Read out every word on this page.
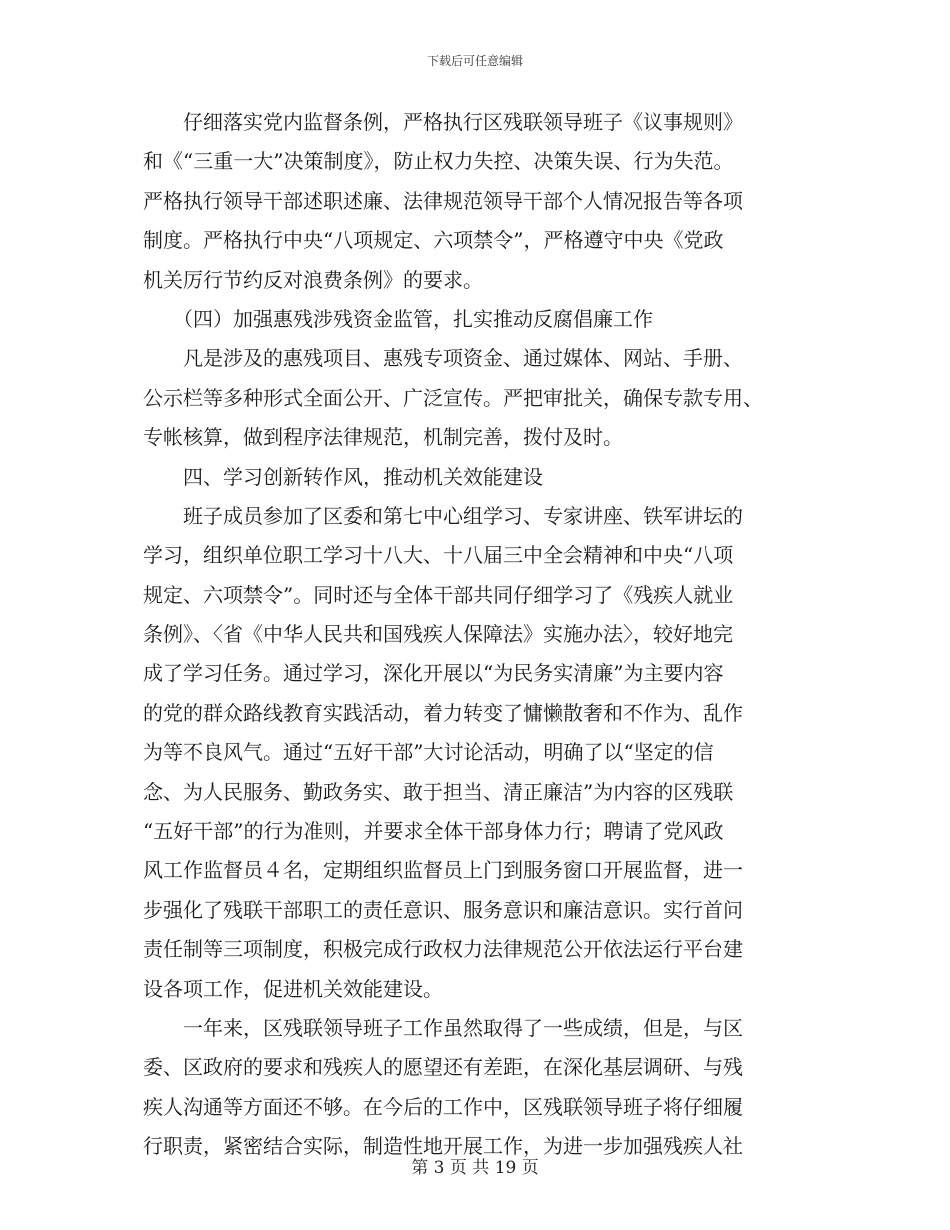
下载后可任意编辑
　　仔细落实党内监督条例，严格执行区残联领导班子《议事规则》
和《“三重一大”决策制度》，防止权力失控、决策失误、行为失范。
严格执行领导干部述职述廉、法律规范领导干部个人情况报告等各项
制度。严格执行中央“八项规定、六项禁令”，严格遵守中央《党政
机关厉行节约反对浪费条例》的要求。
　　（四）加强惠残涉残资金监管，扎实推动反腐倡廉工作
　　凡是涉及的惠残项目、惠残专项资金、通过媒体、网站、手册、
公示栏等多种形式全面公开、广泛宣传。严把审批关，确保专款专用、
专帐核算，做到程序法律规范，机制完善，拨付及时。
　　四、学习创新转作风，推动机关效能建设
　　班子成员参加了区委和第七中心组学习、专家讲座、铁军讲坛的
学习，组织单位职工学习十八大、十八届三中全会精神和中央“八项
规定、六项禁令”。同时还与全体干部共同仔细学习了《残疾人就业
条例》、〈省《中华人民共和国残疾人保障法》实施办法〉，较好地完
成了学习任务。通过学习，深化开展以“为民务实清廉”为主要内容
的党的群众路线教育实践活动，着力转变了慵懒散奢和不作为、乱作
为等不良风气。通过“五好干部”大讨论活动，明确了以“坚定的信
念、为人民服务、勤政务实、敢于担当、清正廉洁”为内容的区残联
“五好干部”的行为准则，并要求全体干部身体力行；聘请了党风政
风工作监督员４名，定期组织监督员上门到服务窗口开展监督，进一
步强化了残联干部职工的责任意识、服务意识和廉洁意识。实行首问
责任制等三项制度，积极完成行政权力法律规范公开依法运行平台建
设各项工作，促进机关效能建设。
　　一年来，区残联领导班子工作虽然取得了一些成绩，但是，与区
委、区政府的要求和残疾人的愿望还有差距，在深化基层调研、与残
疾人沟通等方面还不够。在今后的工作中，区残联领导班子将仔细履
行职责，紧密结合实际，制造性地开展工作，为进一步加强残疾人社
第 3 页 共 19 页
